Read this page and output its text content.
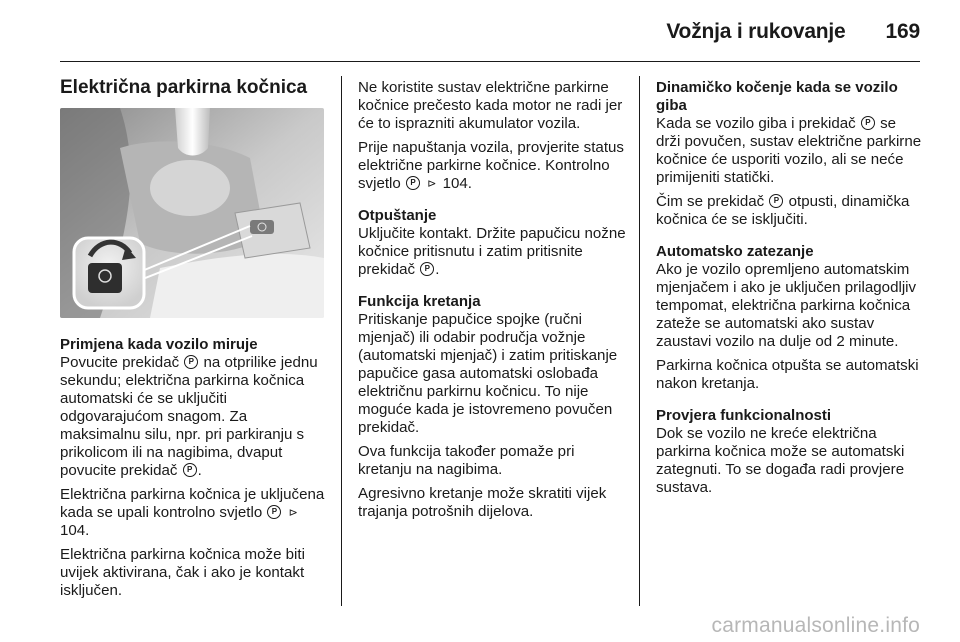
Vožnja i rukovanje 169
Električna parkirna kočnica
Primjena kada vozilo miruje

Povucite prekidač P na otprilike jednu sekundu; električna parkirna kočnica automatski će se uključiti odgovarajućom snagom. Za maksimalnu silu, npr. pri parkiranju s prikolicom ili na nagibima, dvaput povucite prekidač P.

Električna parkirna kočnica je uključena kada se upali kontrolno svjetlo P ⊳ 104.

Električna parkirna kočnica može biti uvijek aktivirana, čak i ako je kontakt isključen.

Ne koristite sustav električne parkirne kočnice prečesto kada motor ne radi jer će to isprazniti akumulator vozila.

Prije napuštanja vozila, provjerite status električne parkirne kočnice. Kontrolno svjetlo P ⊳ 104.

Otpuštanje

Uključite kontakt. Držite papučicu nožne kočnice pritisnutu i zatim pritisnite prekidač P.

Funkcija kretanja

Pritiskanje papučice spojke (ručni mjenjač) ili odabir područja vožnje (automatski mjenjač) i zatim pritiskanje papučice gasa automatski oslobađa električnu parkirnu kočnicu. To nije moguće kada je istovremeno povučen prekidač.

Ova funkcija također pomaže pri kretanju na nagibima.

Agresivno kretanje može skratiti vijek trajanja potrošnih dijelova.

Dinamičko kočenje kada se vozilo giba

Kada se vozilo giba i prekidač P se drži povučen, sustav električne parkirne kočnice će usporiti vozilo, ali se neće primijeniti statički.

Čim se prekidač P otpusti, dinamička kočnica će se isključiti.

Automatsko zatezanje

Ako je vozilo opremljeno automatskim mjenjačem i ako je uključen prilagodljiv tempomat, električna parkirna kočnica zateže se automatski ako sustav zaustavi vozilo na dulje od 2 minute.

Parkirna kočnica otpušta se automatski nakon kretanja.

Provjera funkcionalnosti

Dok se vozilo ne kreće električna parkirna kočnica može se automatski zategnuti. To se događa radi provjere sustava.

carmanualsonline.info
